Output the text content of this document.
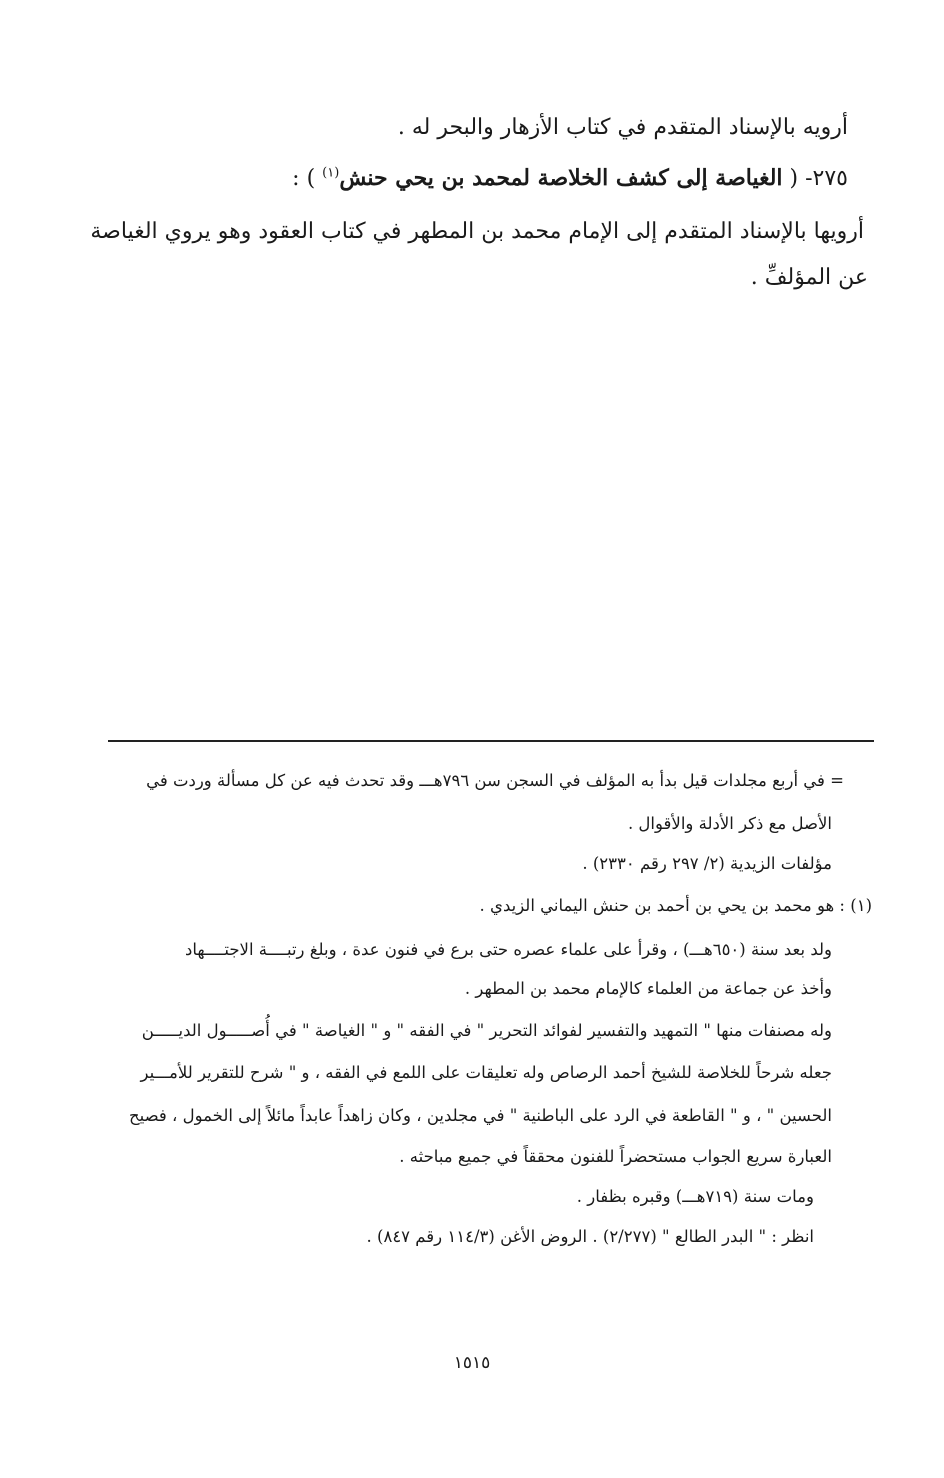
أرويه بالإسناد المتقدم في كتاب الأزهار والبحر له .

٢٧٥- ( الغياصة إلى كشف الخلاصة لمحمد بن يحي حنش$^{(١)}$ ) :

أرويها بالإسناد المتقدم إلى الإمام محمد بن المطهر في كتاب العقود وهو يروي الغياصة

عن المؤلفِّ .

= في أربع مجلدات قيل بدأ به المؤلف في السجن سن ٧٩٦هـــ وقد تحدث فيه عن كل مسألة وردت في

الأصل مع ذكر الأدلة والأقوال .

مؤلفات الزيدية (٢/ ٢٩٧ رقم ٢٣٣٠) .

(١) : هو محمد بن يحي بن أحمد بن حنش اليماني الزيدي .

ولد بعد سنة (٦٥٠هـــ) ، وقرأ على علماء عصره حتى برع في فنون عدة ، وبلغ رتبــــة الاجتــــهاد

وأخذ عن جماعة من العلماء كالإمام محمد بن المطهر .

وله مصنفات منها " التمهيد والتفسير لفوائد التحرير " في الفقه " و " الغياصة " في أُصـــــول الديـــــن

جعله شرحاً للخلاصة للشيخ أحمد الرصاص وله تعليقات على اللمع في الفقه ، و " شرح للتقرير للأمـــير

الحسين " ، و " القاطعة في الرد على الباطنية " في مجلدين ، وكان زاهداً عابداً مائلاً إلى الخمول ، فصيح

العبارة سريع الجواب مستحضراً للفنون محققاً في جميع مباحثه .

ومات سنة (٧١٩هـــ) وقبره بظفار .

انظر : " البدر الطالع " (٢/٢٧٧) . الروض الأغن (١١٤/٣ رقم ٨٤٧) .

١٥١٥
